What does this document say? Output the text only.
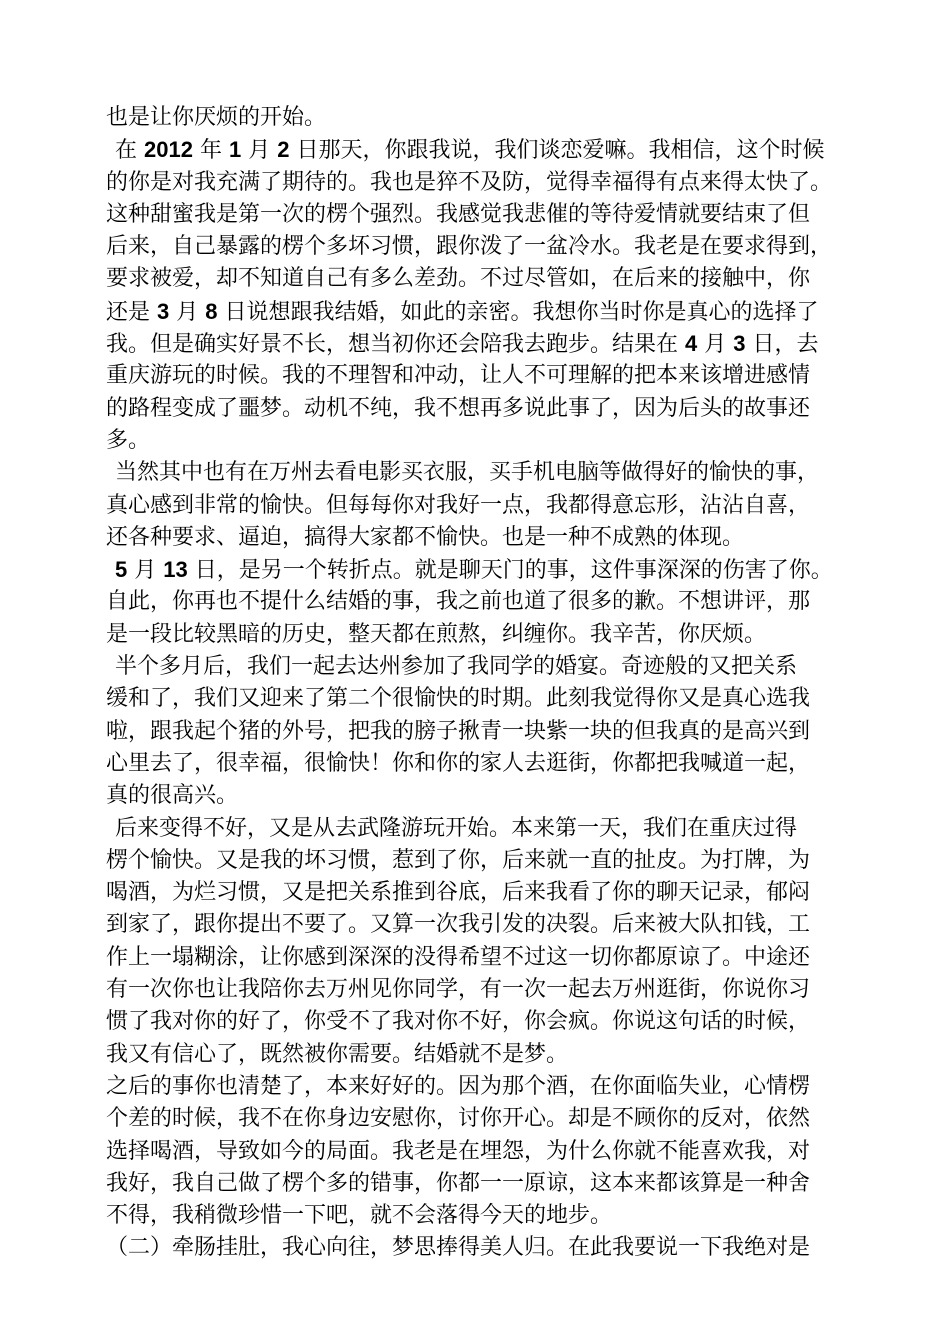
也是让你厌烦的开始。
在 2012 年 1 月 2 日那天，你跟我说，我们谈恋爱嘛。我相信，这个时候
的你是对我充满了期待的。我也是猝不及防，觉得幸福得有点来得太快了。
这种甜蜜我是第一次的楞个强烈。我感觉我悲催的等待爱情就要结束了但
后来，自己暴露的楞个多坏习惯，跟你泼了一盆冷水。我老是在要求得到，
要求被爱，却不知道自己有多么差劲。不过尽管如，在后来的接触中，你
还是 3 月 8 日说想跟我结婚，如此的亲密。我想你当时你是真心的选择了
我。但是确实好景不长，想当初你还会陪我去跑步。结果在 4 月 3 日，去
重庆游玩的时候。我的不理智和冲动，让人不可理解的把本来该增进感情
的路程变成了噩梦。动机不纯，我不想再多说此事了，因为后头的故事还
多。
当然其中也有在万州去看电影买衣服，买手机电脑等做得好的愉快的事，
真心感到非常的愉快。但每每你对我好一点，我都得意忘形，沾沾自喜，
还各种要求、逼迫，搞得大家都不愉快。也是一种不成熟的体现。
5 月 13 日，是另一个转折点。就是聊天门的事，这件事深深的伤害了你。
自此，你再也不提什么结婚的事，我之前也道了很多的歉。不想讲评，那
是一段比较黑暗的历史，整天都在煎熬，纠缠你。我辛苦，你厌烦。
半个多月后，我们一起去达州参加了我同学的婚宴。奇迹般的又把关系
缓和了，我们又迎来了第二个很愉快的时期。此刻我觉得你又是真心选我
啦，跟我起个猪的外号，把我的膀子揪青一块紫一块的但我真的是高兴到
心里去了，很幸福，很愉快！你和你的家人去逛街，你都把我喊道一起，
真的很高兴。
后来变得不好，又是从去武隆游玩开始。本来第一天，我们在重庆过得
楞个愉快。又是我的坏习惯，惹到了你，后来就一直的扯皮。为打牌，为
喝酒，为烂习惯，又是把关系推到谷底，后来我看了你的聊天记录，郁闷
到家了，跟你提出不要了。又算一次我引发的决裂。后来被大队扣钱，工
作上一塌糊涂，让你感到深深的没得希望不过这一切你都原谅了。中途还
有一次你也让我陪你去万州见你同学，有一次一起去万州逛街，你说你习
惯了我对你的好了，你受不了我对你不好，你会疯。你说这句话的时候，
我又有信心了，既然被你需要。结婚就不是梦。
之后的事你也清楚了，本来好好的。因为那个酒，在你面临失业，心情楞
个差的时候，我不在你身边安慰你，讨你开心。却是不顾你的反对，依然
选择喝酒，导致如今的局面。我老是在埋怨，为什么你就不能喜欢我，对
我好，我自己做了楞个多的错事，你都一一原谅，这本来都该算是一种舍
不得，我稍微珍惜一下吧，就不会落得今天的地步。
（二）牵肠挂肚，我心向往，梦思捧得美人归。在此我要说一下我绝对是
